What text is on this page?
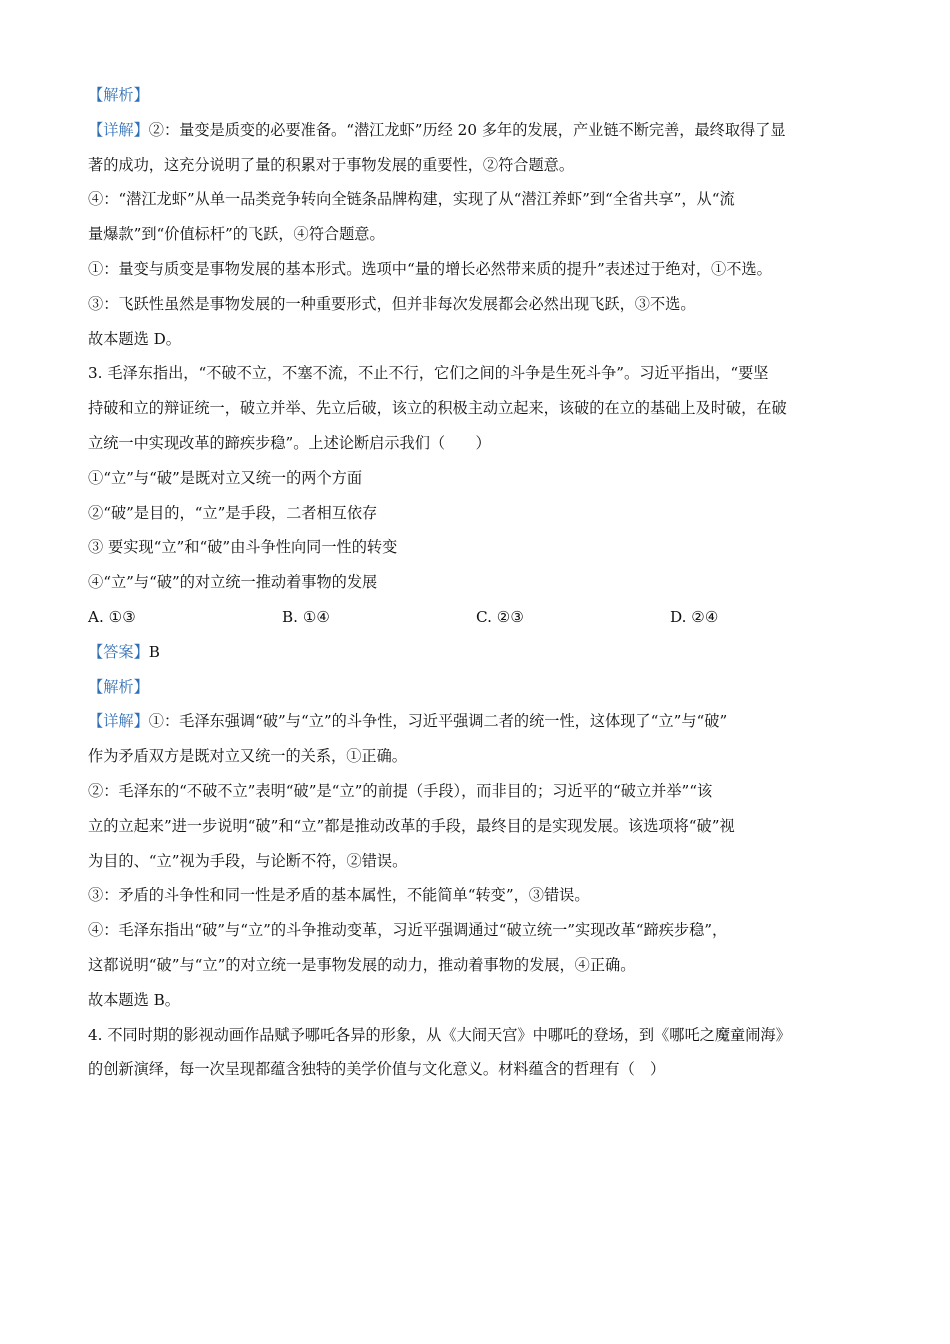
【解析】
【详解】②：量变是质变的必要准备。“潜江龙虾”历经 20 多年的发展，产业链不断完善，最终取得了显
著的成功，这充分说明了量的积累对于事物发展的重要性，②符合题意。
④：“潜江龙虾”从单一品类竞争转向全链条品牌构建，实现了从“潜江养虾”到“全省共享”，从“流
量爆款”到“价值标杆”的飞跃，④符合题意。
①：量变与质变是事物发展的基本形式。选项中“量的增长必然带来质的提升”表述过于绝对，①不选。
③：飞跃性虽然是事物发展的一种重要形式，但并非每次发展都会必然出现飞跃，③不选。
故本题选 D。
3. 毛泽东指出，“不破不立，不塞不流，不止不行，它们之间的斗争是生死斗争”。习近平指出，“要坚
持破和立的辩证统一，破立并举、先立后破，该立的积极主动立起来，该破的在立的基础上及时破，在破
立统一中实现改革的蹄疾步稳”。上述论断启示我们（　　）
①“立”与“破”是既对立又统一的两个方面
②“破”是目的，“立”是手段，二者相互依存
③ 要实现“立”和“破”由斗争性向同一性的转变
④“立”与“破”的对立统一推动着事物的发展
A. ①③	B. ①④	C. ②③	D. ②④
【答案】B
【解析】
【详解】①：毛泽东强调“破”与“立”的斗争性，习近平强调二者的统一性，这体现了“立”与“破”
作为矛盾双方是既对立又统一的关系，①正确。
②：毛泽东的“不破不立”表明“破”是“立”的前提（手段），而非目的；习近平的“破立并举”“该
立的立起来”进一步说明“破”和“立”都是推动改革的手段，最终目的是实现发展。该选项将“破”视
为目的、“立”视为手段，与论断不符，②错误。
③：矛盾的斗争性和同一性是矛盾的基本属性，不能简单“转变”，③错误。
④：毛泽东指出“破”与“立”的斗争推动变革，习近平强调通过“破立统一”实现改革“蹄疾步稳”，
这都说明“破”与“立”的对立统一是事物发展的动力，推动着事物的发展，④正确。
故本题选 B。
4. 不同时期的影视动画作品赋予哪吒各异的形象，从《大闹天宫》中哪吒的登场，到《哪吒之魔童闹海》
的创新演绎，每一次呈现都蕴含独特的美学价值与文化意义。材料蕴含的哲理有（　）
